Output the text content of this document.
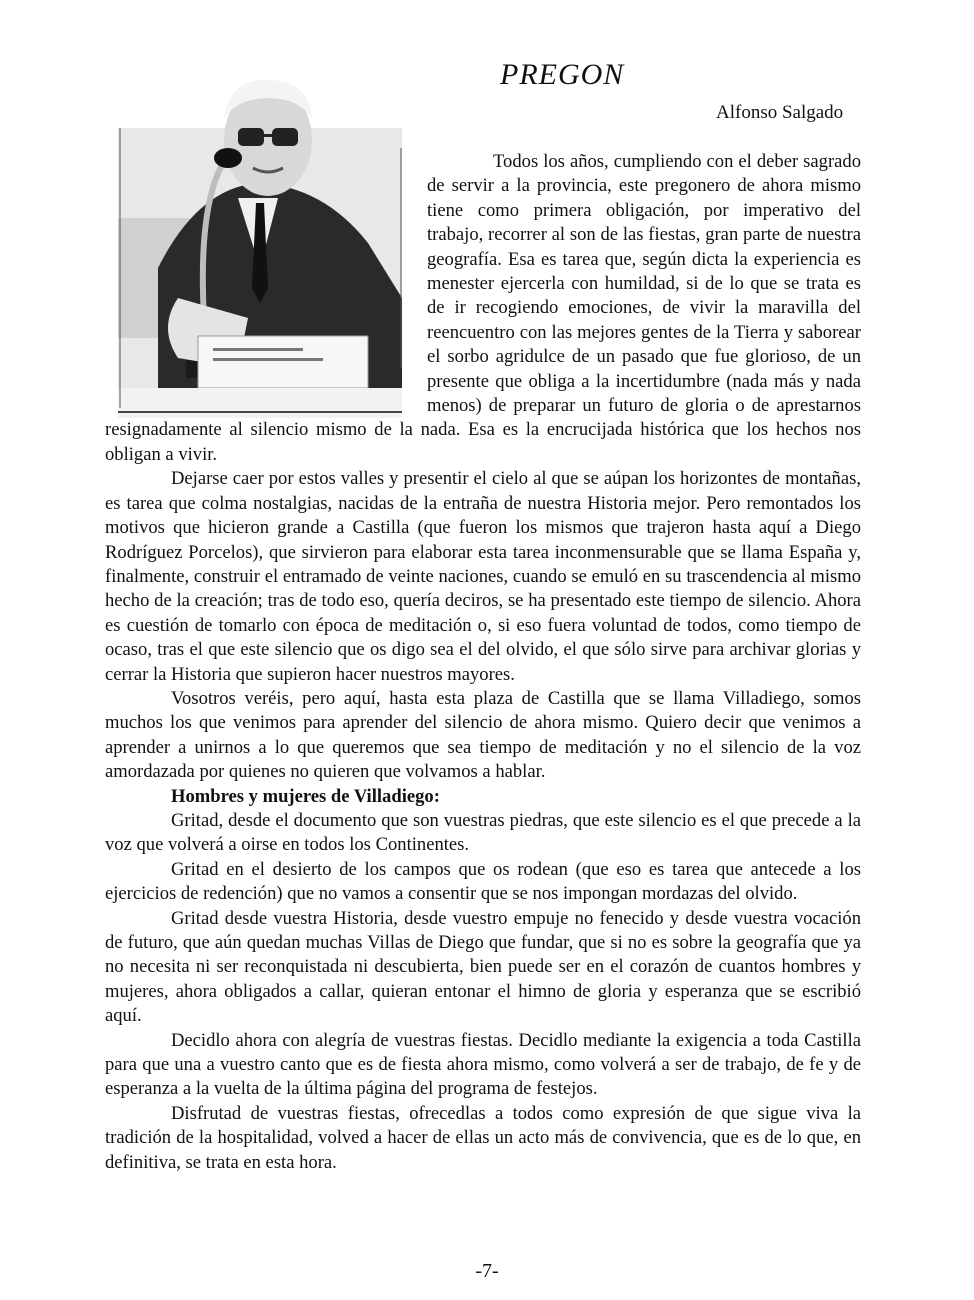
PREGON
Alfonso Salgado

Todos los años, cumpliendo con el deber sagrado de servir a la provincia, este pregonero de ahora mismo tiene como primera obligación, por imperativo del trabajo, recorrer al son de las fiestas, gran parte de nuestra geografía. Esa es tarea que, según dicta la experiencia es menester ejercerla con humildad, si de lo que se trata es de ir recogiendo emociones, de vivir la maravilla del reencuentro con las mejores gentes de la Tierra y saborear el sorbo agridulce de un pasado que fue glorioso, de un presente que obliga a la incertidumbre (nada más y nada menos) de preparar un futuro de gloria o de aprestarnos resignadamente al silencio mismo de la nada. Esa es la encrucijada histórica que los hechos nos obligan a vivir.

Dejarse caer por estos valles y presentir el cielo al que se aúpan los horizontes de montañas, es tarea que colma nostalgias, nacidas de la entraña de nuestra Historia mejor. Pero remontados los motivos que hicieron grande a Castilla (que fueron los mismos que trajeron hasta aquí a Diego Rodríguez Porcelos), que sirvieron para elaborar esta tarea inconmensurable que se llama España y, finalmente, construir el entramado de veinte naciones, cuando se emuló en su trascendencia al mismo hecho de la creación; tras de todo eso, quería deciros, se ha presentado este tiempo de silencio. Ahora es cuestión de tomarlo con época de meditación o, si eso fuera voluntad de todos, como tiempo de ocaso, tras el que este silencio que os digo sea el del olvido, el que sólo sirve para archivar glorias y cerrar la Historia que supieron hacer nuestros mayores.

Vosotros veréis, pero aquí, hasta esta plaza de Castilla que se llama Villadiego, somos muchos los que venimos para aprender del silencio de ahora mismo. Quiero decir que venimos a aprender a unirnos a lo que queremos que sea tiempo de meditación y no el silencio de la voz amordazada por quienes no quieren que volvamos a hablar.

Hombres y mujeres de Villadiego:

Gritad, desde el documento que son vuestras piedras, que este silencio es el que precede a la voz que volverá a oirse en todos los Continentes.

Gritad en el desierto de los campos que os rodean (que eso es tarea que antecede a los ejercicios de redención) que no vamos a consentir que se nos impongan mordazas del olvido.

Gritad desde vuestra Historia, desde vuestro empuje no fenecido y desde vuestra vocación de futuro, que aún quedan muchas Villas de Diego que fundar, que si no es sobre la geografía que ya no necesita ni ser reconquistada ni descubierta, bien puede ser en el corazón de cuantos hombres y mujeres, ahora obligados a callar, quieran entonar el himno de gloria y esperanza que se escribió aquí.

Decidlo ahora con alegría de vuestras fiestas. Decidlo mediante la exigencia a toda Castilla para que una a vuestro canto que es de fiesta ahora mismo, como volverá a ser de trabajo, de fe y de esperanza a la vuelta de la última página del programa de festejos.

Disfrutad de vuestras fiestas, ofrecedlas a todos como expresión de que sigue viva la tradición de la hospitalidad, volved a hacer de ellas un acto más de convivencia, que es de lo que, en definitiva, se trata en esta hora.

-7-
